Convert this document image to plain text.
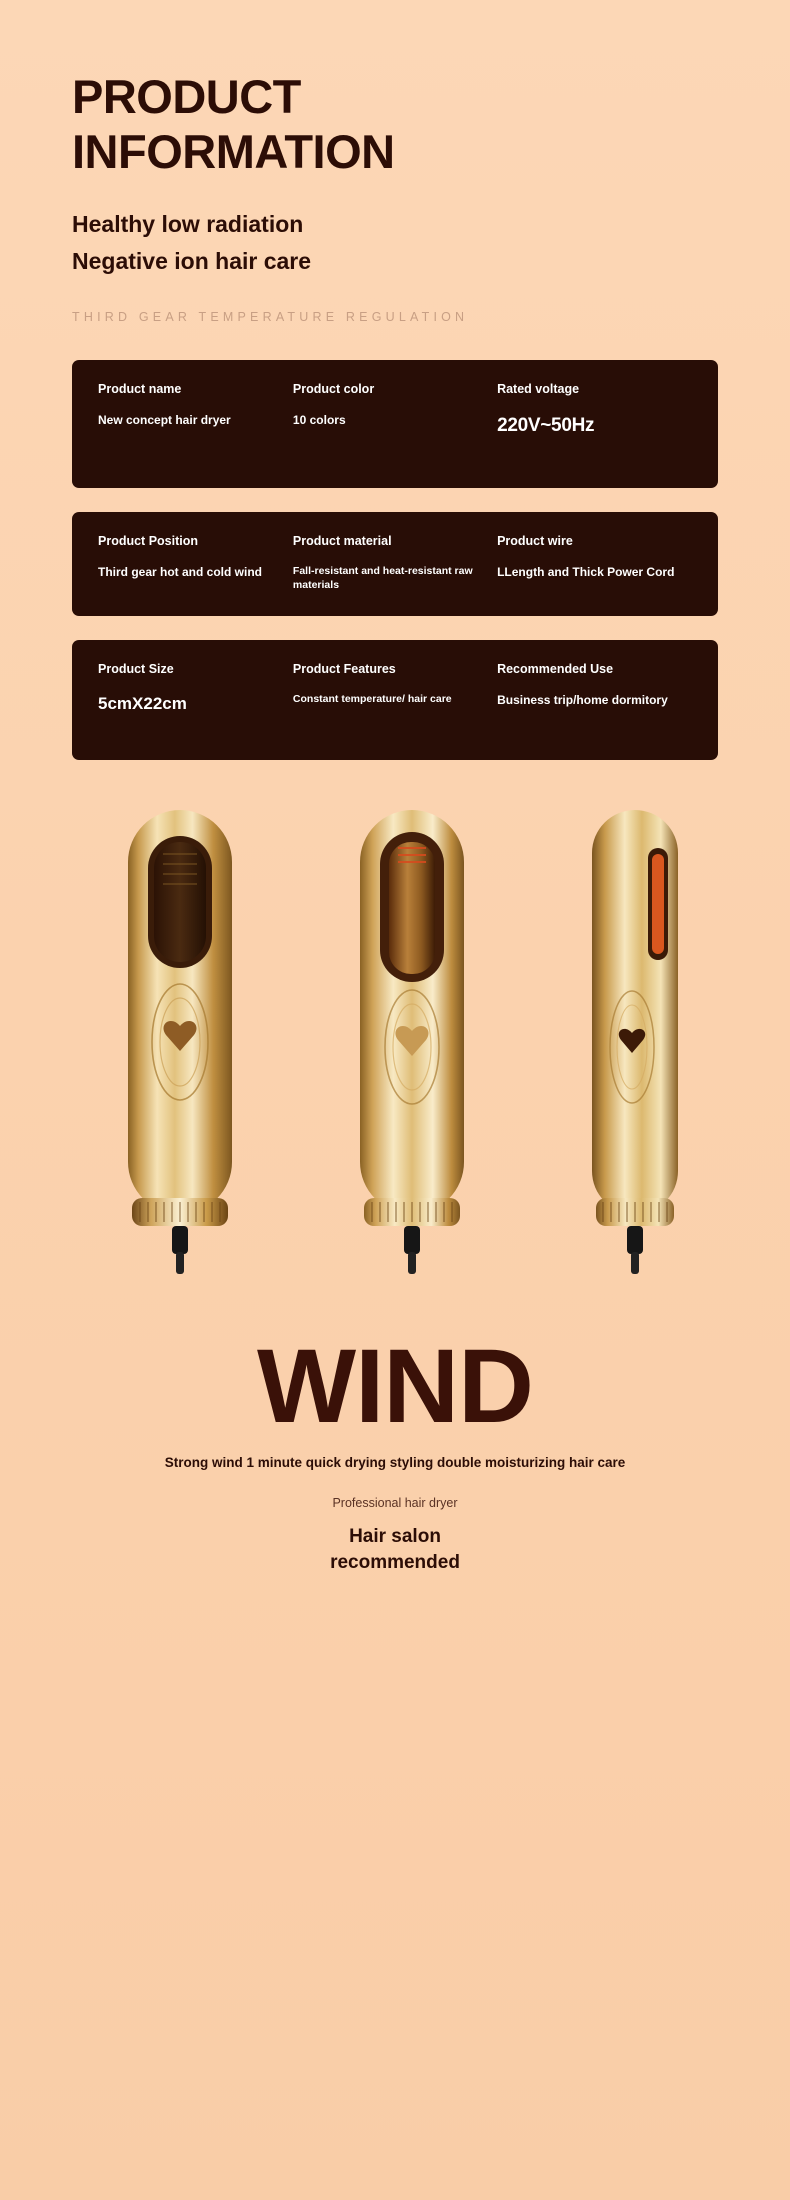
PRODUCT
INFORMATION
Healthy low radiation
Negative ion hair care
THIRD GEAR TEMPERATURE REGULATION
Product name
New concept hair dryer
Product color
10 colors
Rated voltage
220V~50Hz
Product Position
Third gear hot and cold wind
Product material
Fall-resistant and heat-resistant raw materials
Product wire
LLength and Thick Power Cord
Product Size
5cmX22cm
Product Features
Constant temperature/ hair care
Recommended Use
Business trip/home dormitory
WIND
Strong wind 1 minute quick drying styling double moisturizing hair care
Professional hair dryer
Hair salon
recommended
